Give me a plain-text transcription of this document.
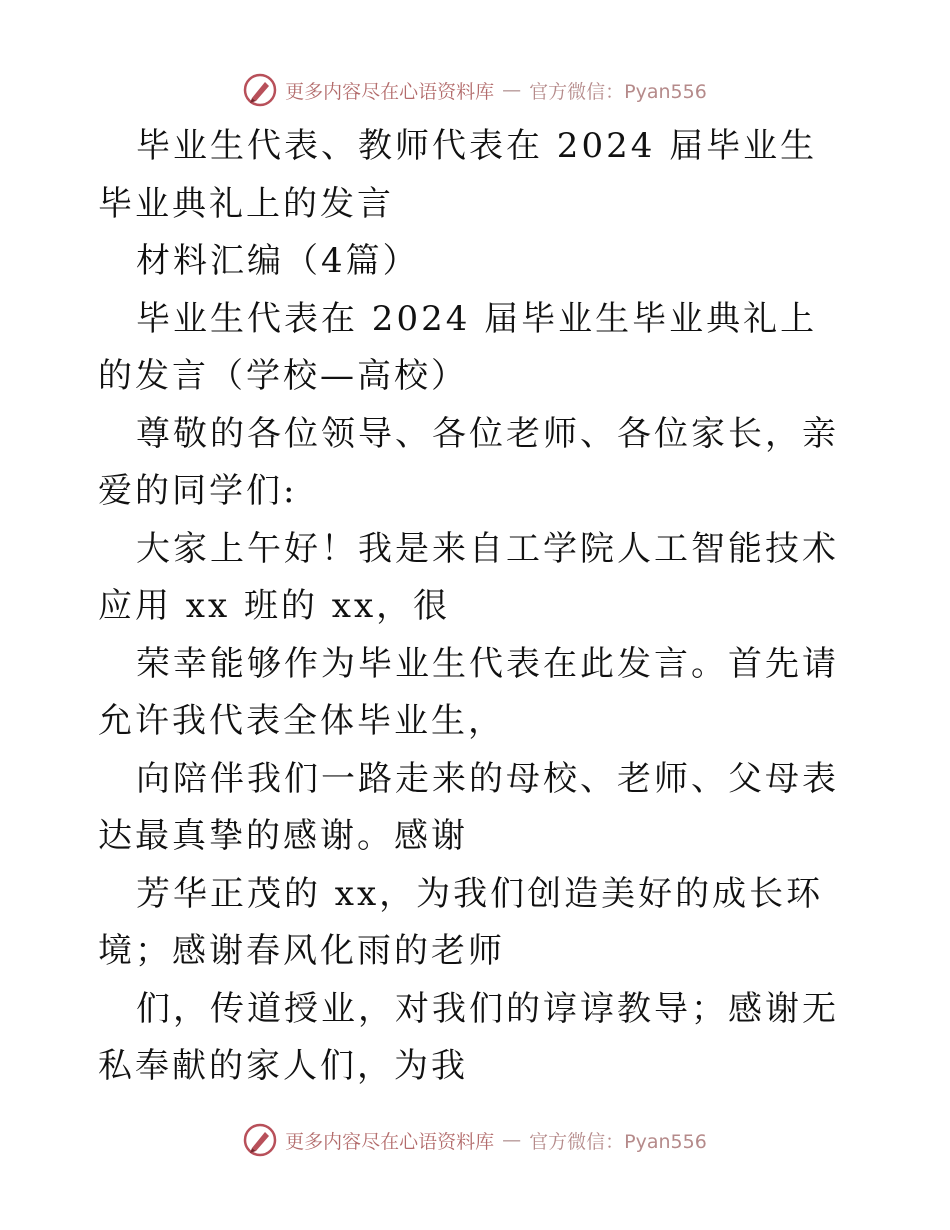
更多内容尽在心语资料库 — 官方微信：Pyan556

毕业生代表、教师代表在 2024 届毕业生毕业典礼上的发言

材料汇编（4篇）

毕业生代表在 2024 届毕业生毕业典礼上的发言（学校—高校）

尊敬的各位领导、各位老师、各位家长，亲爱的同学们:

大家上午好！我是来自工学院人工智能技术应用 xx 班的 xx，很

荣幸能够作为毕业生代表在此发言。首先请允许我代表全体毕业生，

向陪伴我们一路走来的母校、老师、父母表达最真挚的感谢。感谢

芳华正茂的 xx，为我们创造美好的成长环境；感谢春风化雨的老师

们，传道授业，对我们的谆谆教导；感谢无私奉献的家人们，为我

更多内容尽在心语资料库 — 官方微信：Pyan556
